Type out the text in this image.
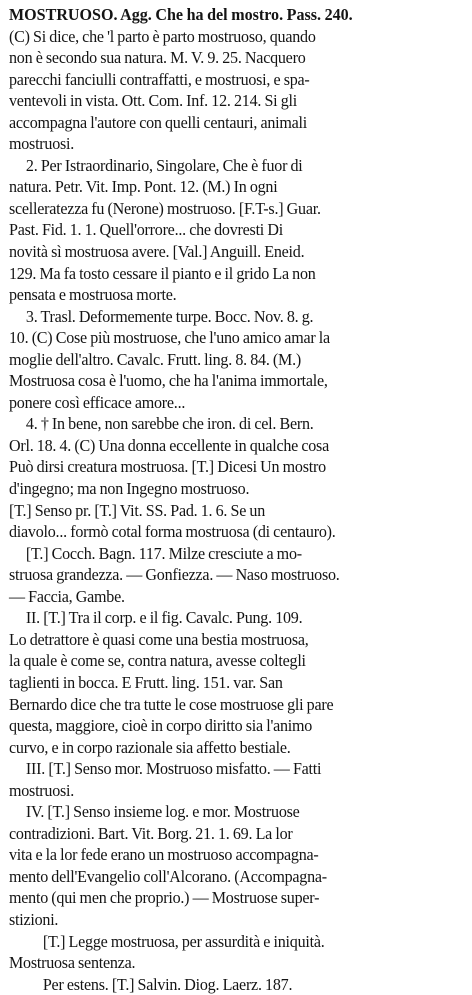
MOSTRUOSO. Agg. Che ha del mostro. Pass. 240.
(C) Si dice, che 'l parto è parto mostruoso, quando
non è secondo sua natura. M. V. 9. 25. Nacquero
parecchi fanciulli contraffatti, e mostruosi, e spa-
ventevoli in vista. Ott. Com. Inf. 12. 214. Si gli
accompagna l'autore con quelli centauri, animali
mostruosi.
2. Per Istraordinario, Singolare, Che è fuor di
natura. Petr. Vit. Imp. Pont. 12. (M.) In ogni
scelleratezza fu (Nerone) mostruoso. [F.T-s.] Guar.
Past. Fid. 1. 1. Quell'orrore... che dovresti Di
novità sì mostruosa avere. [Val.] Anguill. Eneid.
129. Ma fa tosto cessare il pianto e il grido La non
pensata e mostruosa morte.
3. Trasl. Deformemente turpe. Bocc. Nov. 8. g.
10. (C) Cose più mostruose, che l'uno amico amar la
moglie dell'altro. Cavalc. Frutt. ling. 8. 84. (M.)
Mostruosa cosa è l'uomo, che ha l'anima immortale,
ponere così efficace amore...
4. † In bene, non sarebbe che iron. di cel. Bern.
Orl. 18. 4. (C) Una donna eccellente in qualche cosa
Può dirsi creatura mostruosa. [T.] Dicesi Un mostro
d'ingegno; ma non Ingegno mostruoso.
[T.] Senso pr. [T.] Vit. SS. Pad. 1. 6. Se un
diavolo... formò cotal forma mostruosa (di centauro).
[T.] Cocch. Bagn. 117. Milze cresciute a mo-
struosa grandezza. — Gonfiezza. — Naso mostruoso.
— Faccia, Gambe.
II. [T.] Tra il corp. e il fig. Cavalc. Pung. 109.
Lo detrattore è quasi come una bestia mostruosa,
la quale è come se, contra natura, avesse coltegli
taglienti in bocca. E Frutt. ling. 151. var. San
Bernardo dice che tra tutte le cose mostruose gli pare
questa, maggiore, cioè in corpo diritto sia l'animo
curvo, e in corpo razionale sia affetto bestiale.
III. [T.] Senso mor. Mostruoso misfatto. — Fatti
mostruosi.
IV. [T.] Senso insieme log. e mor. Mostruose
contradizioni. Bart. Vit. Borg. 21. 1. 69. La lor
vita e la lor fede erano un mostruoso accompagna-
mento dell'Evangelio coll'Alcorano. (Accompagna-
mento (qui men che proprio.) — Mostruose super-
stizioni.
[T.] Legge mostruosa, per assurdità e iniquità.
Mostruosa sentenza.
Per estens. [T.] Salvin. Diog. Laerz. 187.
